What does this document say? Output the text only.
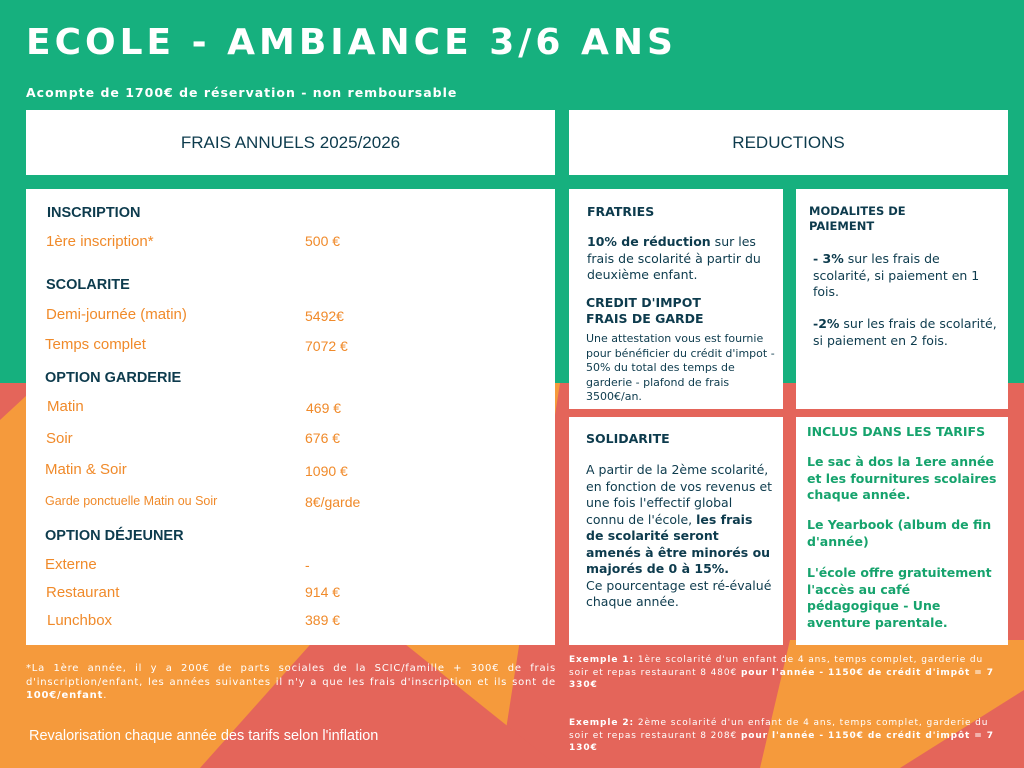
ECOLE - AMBIANCE 3/6 ANS
Acompte de 1700€ de réservation - non remboursable
FRAIS ANNUELS 2025/2026	REDUCTIONS
INSCRIPTION
1ère inscription*	500 €
SCOLARITE
Demi-journée (matin)	5492€
Temps complet	7072 €
OPTION GARDERIE
Matin	469 €
Soir	676 €
Matin & Soir	1090 €
Garde ponctuelle Matin ou Soir	8€/garde
OPTION DÉJEUNER
Externe	-
Restaurant	914 €
Lunchbox	389 €
FRATRIES
10% de réduction sur les frais de scolarité à partir du deuxième enfant.
CREDIT D'IMPOT
FRAIS DE GARDE
Une attestation vous est fournie pour bénéficier du crédit d'impot - 50% du total des temps de garderie - plafond de frais 3500€/an.
MODALITES DE
PAIEMENT
- 3% sur les frais de scolarité, si paiement en 1 fois.
-2% sur les frais de scolarité, si paiement en 2 fois.
SOLIDARITE
A partir de la 2ème scolarité, en fonction de vos revenus et une fois l'effectif global connu de l'école, les frais de scolarité seront amenés à être minorés ou majorés de 0 à 15%.
Ce pourcentage est ré-évalué chaque année.
INCLUS DANS LES TARIFS
Le sac à dos la 1ere année et les fournitures scolaires chaque année.
Le Yearbook (album de fin d'année)
L'école offre gratuitement l'accès au café pédagogique - Une aventure parentale.
*La 1ère année, il y a 200€ de parts sociales de la SCIC/famille + 300€ de frais d'inscription/enfant, les années suivantes il n'y a que les frais d'inscription et ils sont de 100€/enfant.
Revalorisation chaque année des tarifs selon l'inflation
Exemple 1: 1ère scolarité d'un enfant de 4 ans, temps complet, garderie du soir et repas restaurant 8 480€ pour l'année - 1150€ de crédit d'impôt = 7 330€
Exemple 2: 2ème scolarité d'un enfant de 4 ans, temps complet, garderie du soir et repas restaurant 8 208€ pour l'année - 1150€ de crédit d'impôt = 7 130€
